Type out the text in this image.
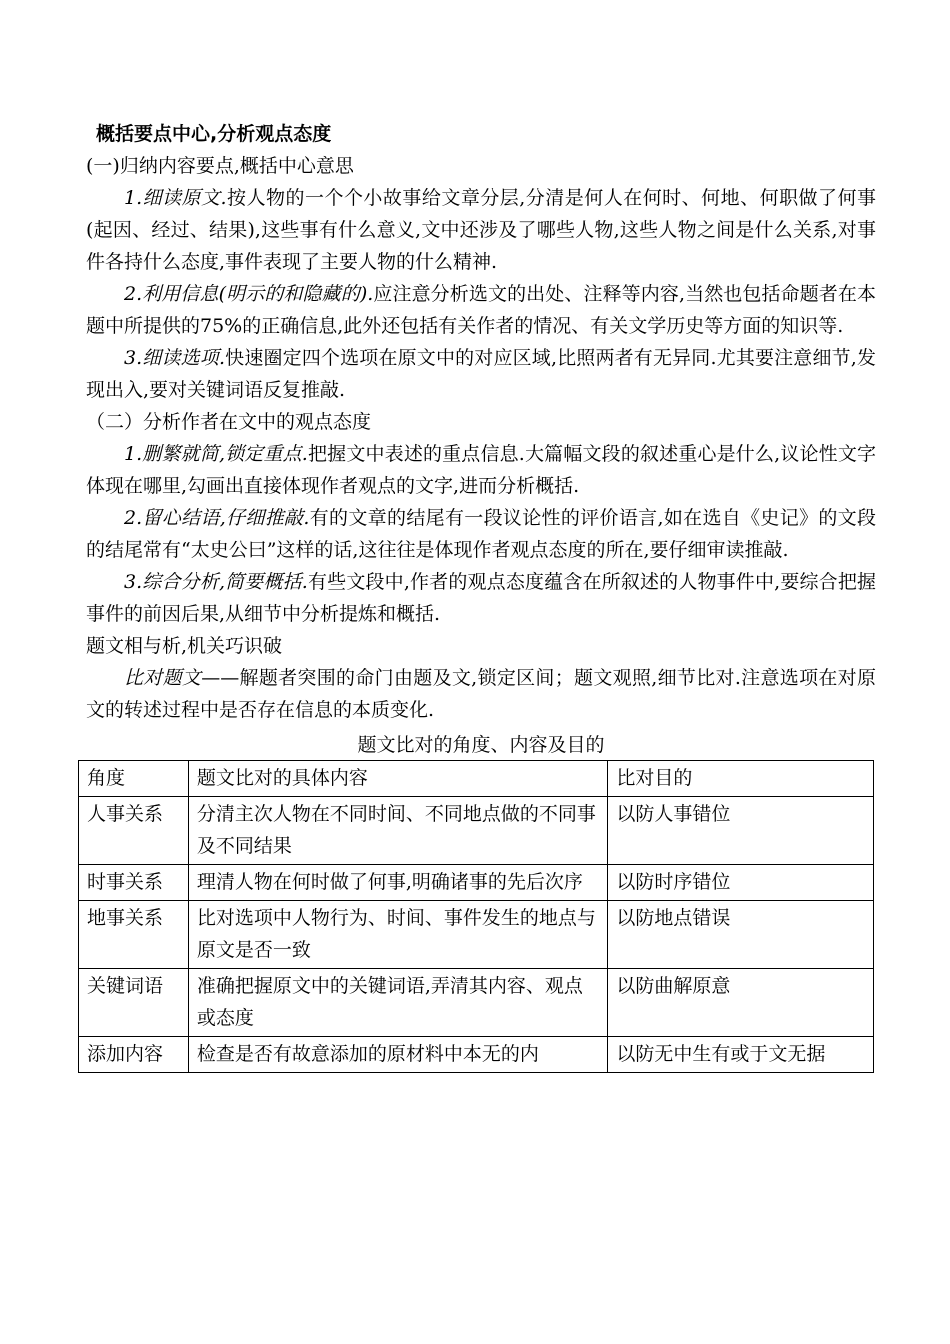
概括要点中心,分析观点态度
(一)归纳内容要点,概括中心意思
1.细读原文.按人物的一个个小故事给文章分层,分清是何人在何时、何地、何职做了何事(起因、经过、结果),这些事有什么意义,文中还涉及了哪些人物,这些人物之间是什么关系,对事件各持什么态度,事件表现了主要人物的什么精神.
2.利用信息(明示的和隐藏的).应注意分析选文的出处、注释等内容,当然也包括命题者在本题中所提供的75%的正确信息,此外还包括有关作者的情况、有关文学历史等方面的知识等.
3.细读选项.快速圈定四个选项在原文中的对应区域,比照两者有无异同.尤其要注意细节,发现出入,要对关键词语反复推敲.
（二）分析作者在文中的观点态度
1.删繁就简,锁定重点.把握文中表述的重点信息.大篇幅文段的叙述重心是什么,议论性文字体现在哪里,勾画出直接体现作者观点的文字,进而分析概括.
2.留心结语,仔细推敲.有的文章的结尾有一段议论性的评价语言,如在选自《史记》的文段的结尾常有“太史公曰”这样的话,这往往是体现作者观点态度的所在,要仔细审读推敲.
3.综合分析,简要概括.有些文段中,作者的观点态度蕴含在所叙述的人物事件中,要综合把握事件的前因后果,从细节中分析提炼和概括.
题文相与析,机关巧识破
比对题文——解题者突围的命门由题及文,锁定区间；题文观照,细节比对.注意选项在对原文的转述过程中是否存在信息的本质变化.
题文比对的角度、内容及目的
角度	题文比对的具体内容	比对目的
人事关系	分清主次人物在不同时间、不同地点做的不同事及不同结果	以防人事错位
时事关系	理清人物在何时做了何事,明确诸事的先后次序	以防时序错位
地事关系	比对选项中人物行为、时间、事件发生的地点与原文是否一致	以防地点错误
关键词语	准确把握原文中的关键词语,弄清其内容、观点或态度	以防曲解原意
添加内容	检查是否有故意添加的原材料中本无的内	以防无中生有或于文无据
